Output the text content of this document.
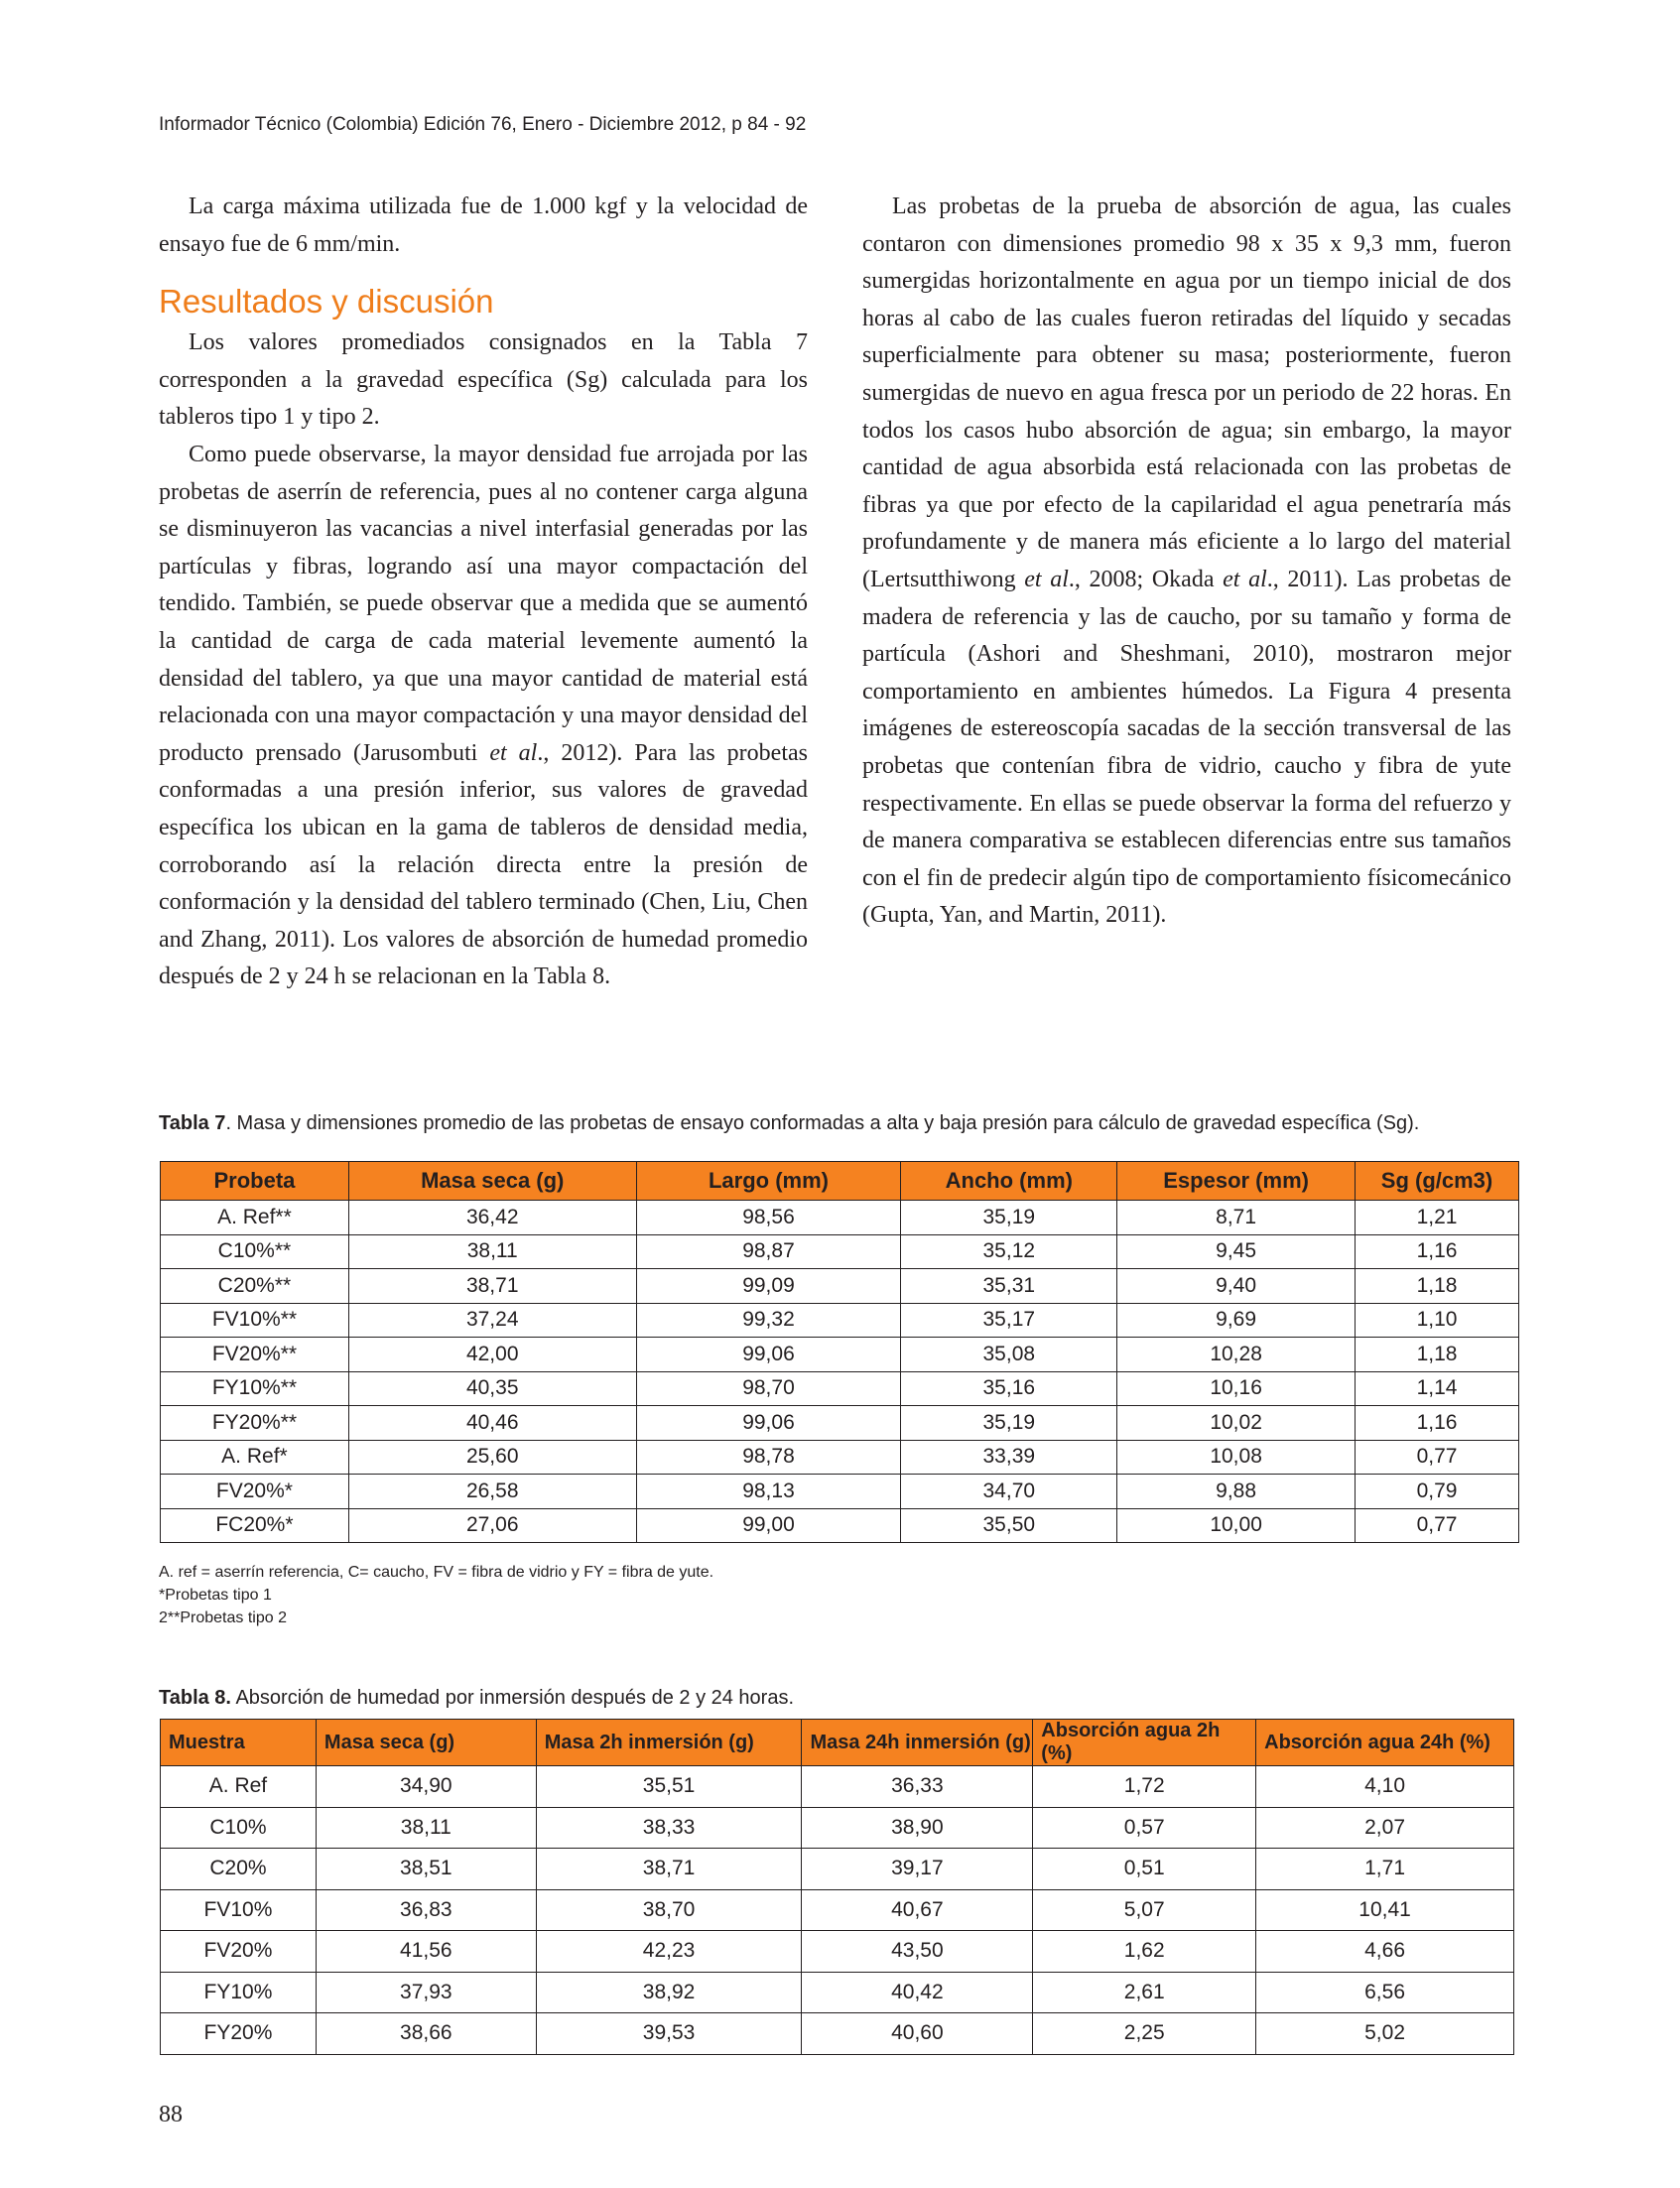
Informador Técnico (Colombia) Edición 76, Enero - Diciembre 2012, p 84 - 92

La carga máxima utilizada fue de 1.000 kgf y la velocidad de ensayo fue de 6 mm/min.

Resultados y discusión

Los valores promediados consignados en la Tabla 7 corresponden a la gravedad específica (Sg) calculada para los tableros tipo 1 y tipo 2.

Como puede observarse, la mayor densidad fue arrojada por las probetas de aserrín de referencia, pues al no contener carga alguna se disminuyeron las vacancias a nivel interfasial generadas por las partículas y fibras, logrando así una mayor compactación del tendido. También, se puede observar que a medida que se aumentó la cantidad de carga de cada material levemente aumentó la densidad del tablero, ya que una mayor cantidad de material está relacionada con una mayor compactación y una mayor densidad del producto prensado (Jarusombuti et al., 2012). Para las probetas conformadas a una presión inferior, sus valores de gravedad específica los ubican en la gama de tableros de densidad media, corroborando así la relación directa entre la presión de conformación y la densidad del tablero terminado (Chen, Liu, Chen and Zhang, 2011). Los valores de absorción de humedad promedio después de 2 y 24 h se relacionan en la Tabla 8.

Las probetas de la prueba de absorción de agua, las cuales contaron con dimensiones promedio 98 x 35 x 9,3 mm, fueron sumergidas horizontalmente en agua por un tiempo inicial de dos horas al cabo de las cuales fueron retiradas del líquido y secadas superficialmente para obtener su masa; posteriormente, fueron sumergidas de nuevo en agua fresca por un periodo de 22 horas. En todos los casos hubo absorción de agua; sin embargo, la mayor cantidad de agua absorbida está relacionada con las probetas de fibras ya que por efecto de la capilaridad el agua penetraría más profundamente y de manera más eficiente a lo largo del material (Lertsutthiwong et al., 2008; Okada et al., 2011). Las probetas de madera de referencia y las de caucho, por su tamaño y forma de partícula (Ashori and Sheshmani, 2010), mostraron mejor comportamiento en ambientes húmedos. La Figura 4 presenta imágenes de estereoscopía sacadas de la sección transversal de las probetas que contenían fibra de vidrio, caucho y fibra de yute respectivamente. En ellas se puede observar la forma del refuerzo y de manera comparativa se establecen diferencias entre sus tamaños con el fin de predecir algún tipo de comportamiento físicomecánico (Gupta, Yan, and Martin, 2011).

Tabla 7. Masa y dimensiones promedio de las probetas de ensayo conformadas a alta y baja presión para cálculo de gravedad específica (Sg).
Probeta	Masa seca (g)	Largo (mm)	Ancho (mm)	Espesor (mm)	Sg (g/cm3)
A. Ref**	36,42	98,56	35,19	8,71	1,21
C10%**	38,11	98,87	35,12	9,45	1,16
C20%**	38,71	99,09	35,31	9,40	1,18
FV10%**	37,24	99,32	35,17	9,69	1,10
FV20%**	42,00	99,06	35,08	10,28	1,18
FY10%**	40,35	98,70	35,16	10,16	1,14
FY20%**	40,46	99,06	35,19	10,02	1,16
A. Ref*	25,60	98,78	33,39	10,08	0,77
FV20%*	26,58	98,13	34,70	9,88	0,79
FC20%*	27,06	99,00	35,50	10,00	0,77
A. ref = aserrín referencia, C= caucho, FV = fibra de vidrio y FY = fibra de yute.
*Probetas tipo 1
2**Probetas tipo 2
Tabla 8. Absorción de humedad por inmersión después de 2 y 24 horas.
Muestra	Masa seca (g)	Masa 2h inmersión (g)	Masa 24h inmersión (g)	Absorción agua 2h (%)	Absorción agua 24h (%)
A. Ref	34,90	35,51	36,33	1,72	4,10
C10%	38,11	38,33	38,90	0,57	2,07
C20%	38,51	38,71	39,17	0,51	1,71
FV10%	36,83	38,70	40,67	5,07	10,41
FV20%	41,56	42,23	43,50	1,62	4,66
FY10%	37,93	38,92	40,42	2,61	6,56
FY20%	38,66	39,53	40,60	2,25	5,02
88
